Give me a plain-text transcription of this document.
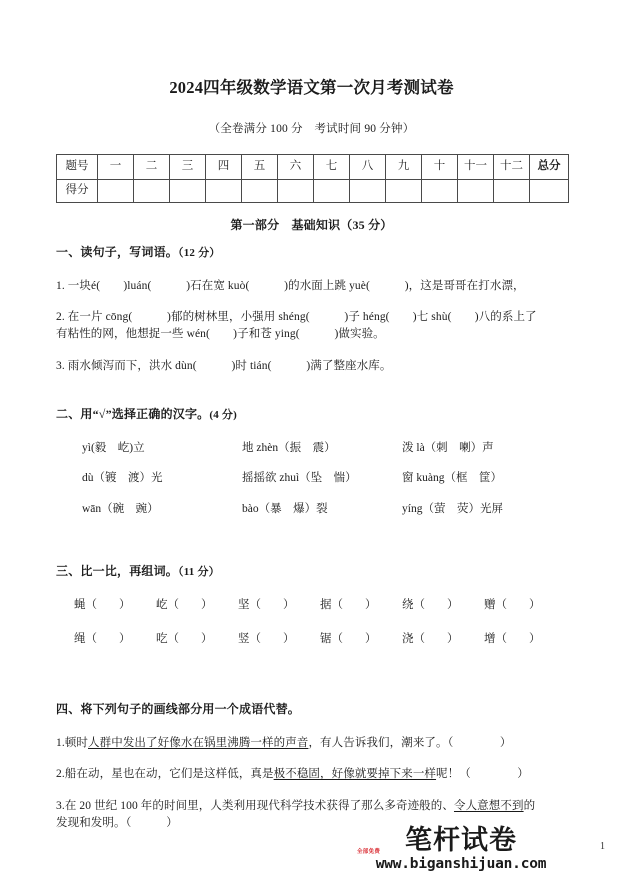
2024四年级数学语文第一次月考测试卷

（全卷满分 100 分　考试时间 90 分钟）

题号	一	二	三	四	五	六	七	八	九	十	十一	十二	总分
得分													

第一部分　基础知识（35 分）

一、读句子，写词语。（12 分）

1. 一块é(　　)luán(　　　)石在宽 kuò(　　　)的水面上跳 yuè(　　　)，这是哥哥在打水漂，

2. 在一片 cōng(　　　)郁的树林里，小强用 shéng(　　　)子 héng(　　)七 shù(　　)八的系上了

有粘性的网，他想捉一些 wén(　　)子和苍 ying(　　　)做实验。

3. 雨水倾泻而下，洪水 dùn(　　　)时 tián(　　　)满了整座水库。

二、用“√”选择正确的汉字。(4 分)

yì(毅　屹)立	地 zhèn（振　震）	泼 là（刺　喇）声
dù（镀　渡）光	摇摇欲 zhuì（坠　惴）	窗 kuàng（框　筐）
wān（碗　豌）	bào（暴　爆）裂	yíng（萤　荧）光屏

三、比一比，再组词。（11 分）

蝇（ ）	屹（ ）	坚（ ）	据（ ）	绕（ ）	赠（ ）
绳（ ）	吃（ ）	竖（ ）	锯（ ）	浇（ ）	增（ ）

四、将下列句子的画线部分用一个成语代替。

1.顿时人群中发出了好像水在锅里沸腾一样的声音，有人告诉我们，潮来了。（　　　　）

2.船在动，星也在动，它们是这样低，真是极不稳固，好像就要掉下来一样呢！（　　　　）

3.在 20 世纪 100 年的时间里，人类利用现代科学技术获得了那么多奇迹般的、令人意想不到的

发现和发明。（　　　）

笔杆试卷
全部免费
www.biganshijuan.com
1
